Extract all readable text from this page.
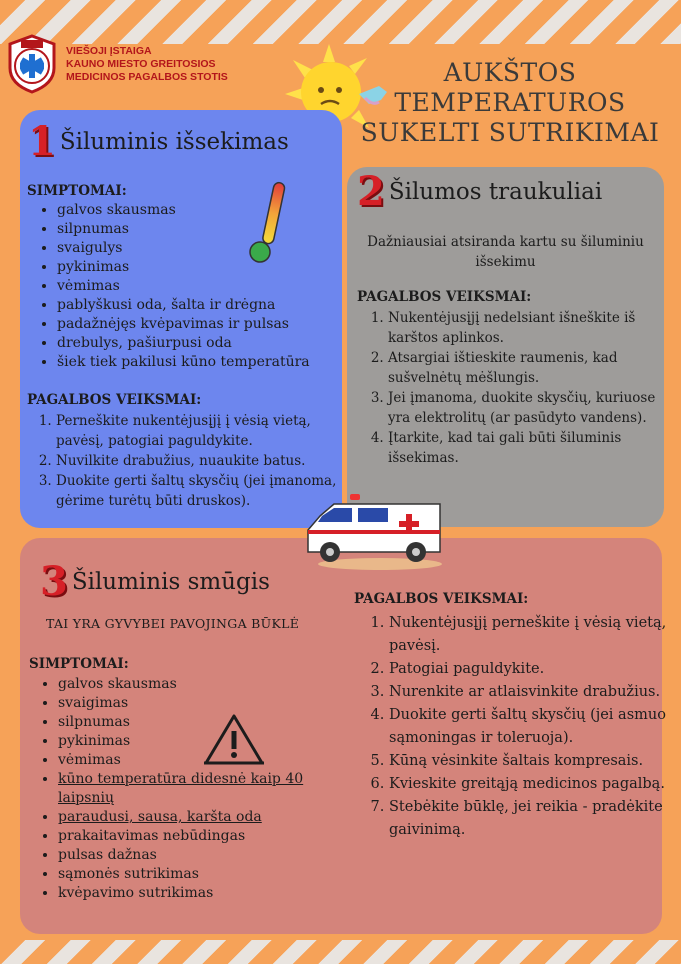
VIEŠOJI ĮSTAIGA
KAUNO MIESTO GREITOSIOS
MEDICINOS PAGALBOS STOTIS	AUKŠTOS
TEMPERATUROS
SUKELTI SUTRIKIMAI
1 Šiluminis išsekimas
SIMPTOMAI:
• galvos skausmas
• silpnumas
• svaigulys
• pykinimas
• vėmimas
• pablyškusi oda, šalta ir drėgna
• padažnėjęs kvėpavimas ir pulsas
• drebulys, pašiurpusi oda
• šiek tiek pakilusi kūno temperatūra
PAGALBOS VEIKSMAI:
1. Perneškite nukentėjusįjį į vėsią vietą, pavėsį, patogiai paguldykite.
2. Nuvilkite drabužius, nuaukite batus.
3. Duokite gerti šaltų skysčių (jei įmanoma, gėrime turėtų būti druskos).
2 Šilumos traukuliai
Dažniausiai atsiranda kartu su šiluminiu išsekimu
PAGALBOS VEIKSMAI:
1. Nukentėjusįjį nedelsiant išneškite iš karštos aplinkos.
2. Atsargiai ištieskite raumenis, kad sušvelnėtų mėšlungis.
3. Jei įmanoma, duokite skysčių, kuriuose yra elektrolitų (ar pasūdyto vandens).
4. Įtarkite, kad tai gali būti šiluminis išsekimas.
3 Šiluminis smūgis
TAI YRA GYVYBEI PAVOJINGA BŪKLĖ
SIMPTOMAI:
• galvos skausmas
• svaigimas
• silpnumas
• pykinimas
• vėmimas
• kūno temperatūra didesnė kaip 40 laipsnių
• paraudusi, sausa, karšta oda
• prakaitavimas nebūdingas
• pulsas dažnas
• sąmonės sutrikimas
• kvėpavimo sutrikimas
PAGALBOS VEIKSMAI:
1. Nukentėjusįjį perneškite į vėsią vietą, pavėsį.
2. Patogiai paguldykite.
3. Nurenkite ar atlaisvinkite drabužius.
4. Duokite gerti šaltų skysčių (jei asmuo sąmoningas ir toleruoja).
5. Kūną vėsinkite šaltais kompresais.
6. Kvieskite greitąją medicinos pagalbą.
7. Stebėkite būklę, jei reikia - pradėkite gaivinimą.
